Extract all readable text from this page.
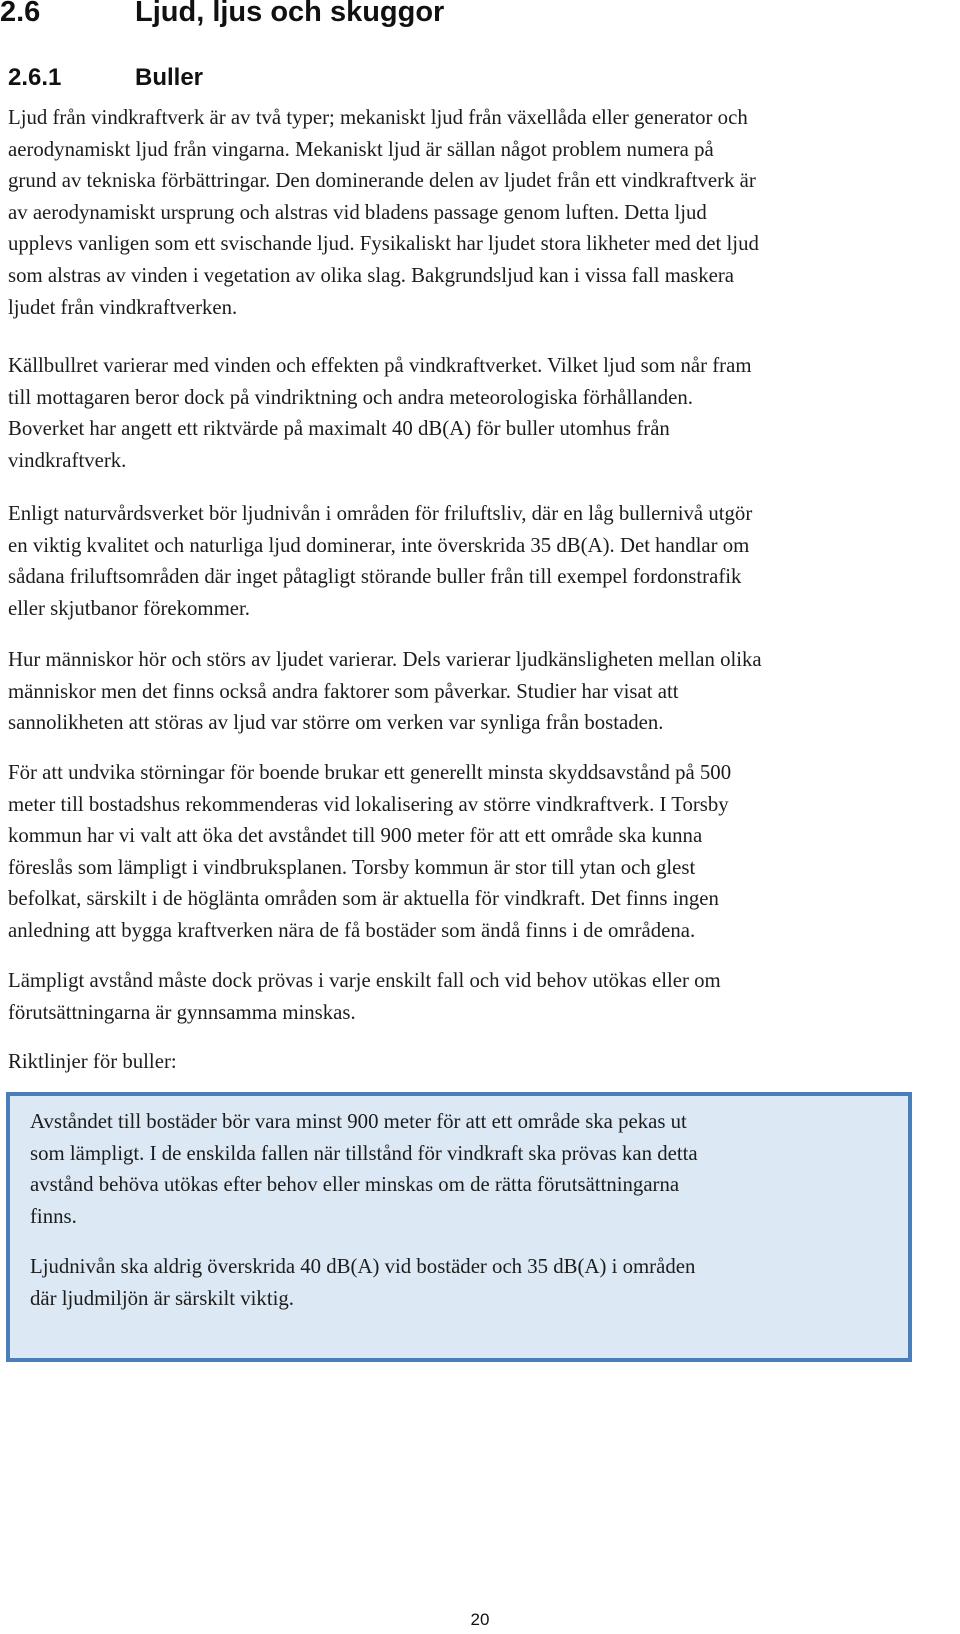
2.6	Ljud, ljus och skuggor
2.6.1	Buller

Ljud från vindkraftverk är av två typer; mekaniskt ljud från växellåda eller generator och
aerodynamiskt ljud från vingarna. Mekaniskt ljud är sällan något problem numera på
grund av tekniska förbättringar. Den dominerande delen av ljudet från ett vindkraftverk är
av aerodynamiskt ursprung och alstras vid bladens passage genom luften. Detta ljud
upplevs vanligen som ett svischande ljud. Fysikaliskt har ljudet stora likheter med det ljud
som alstras av vinden i vegetation av olika slag. Bakgrundsljud kan i vissa fall maskera
ljudet från vindkraftverken.

Källbullret varierar med vinden och effekten på vindkraftverket. Vilket ljud som når fram
till mottagaren beror dock på vindriktning och andra meteorologiska förhållanden.
Boverket har angett ett riktvärde på maximalt 40 dB(A) för buller utomhus från
vindkraftverk.

Enligt naturvårdsverket bör ljudnivån i områden för friluftsliv, där en låg bullernivå utgör
en viktig kvalitet och naturliga ljud dominerar, inte överskrida 35 dB(A). Det handlar om
sådana friluftsområden där inget påtagligt störande buller från till exempel fordonstrafik
eller skjutbanor förekommer.

Hur människor hör och störs av ljudet varierar. Dels varierar ljudkänsligheten mellan olika
människor men det finns också andra faktorer som påverkar. Studier har visat att
sannolikheten att störas av ljud var större om verken var synliga från bostaden.

För att undvika störningar för boende brukar ett generellt minsta skyddsavstånd på 500
meter till bostadshus rekommenderas vid lokalisering av större vindkraftverk. I Torsby
kommun har vi valt att öka det avståndet till 900 meter för att ett område ska kunna
föreslås som lämpligt i vindbruksplanen. Torsby kommun är stor till ytan och glest
befolkat, särskilt i de höglänta områden som är aktuella för vindkraft. Det finns ingen
anledning att bygga kraftverken nära de få bostäder som ändå finns i de områdena.

Lämpligt avstånd måste dock prövas i varje enskilt fall och vid behov utökas eller om
förutsättningarna är gynnsamma minskas.

Riktlinjer för buller:

Avståndet till bostäder bör vara minst 900 meter för att ett område ska pekas ut
som lämpligt. I de enskilda fallen när tillstånd för vindkraft ska prövas kan detta
avstånd behöva utökas efter behov eller minskas om de rätta förutsättningarna
finns.

Ljudnivån ska aldrig överskrida 40 dB(A) vid bostäder och 35 dB(A) i områden
där ljudmiljön är särskilt viktig.

20
